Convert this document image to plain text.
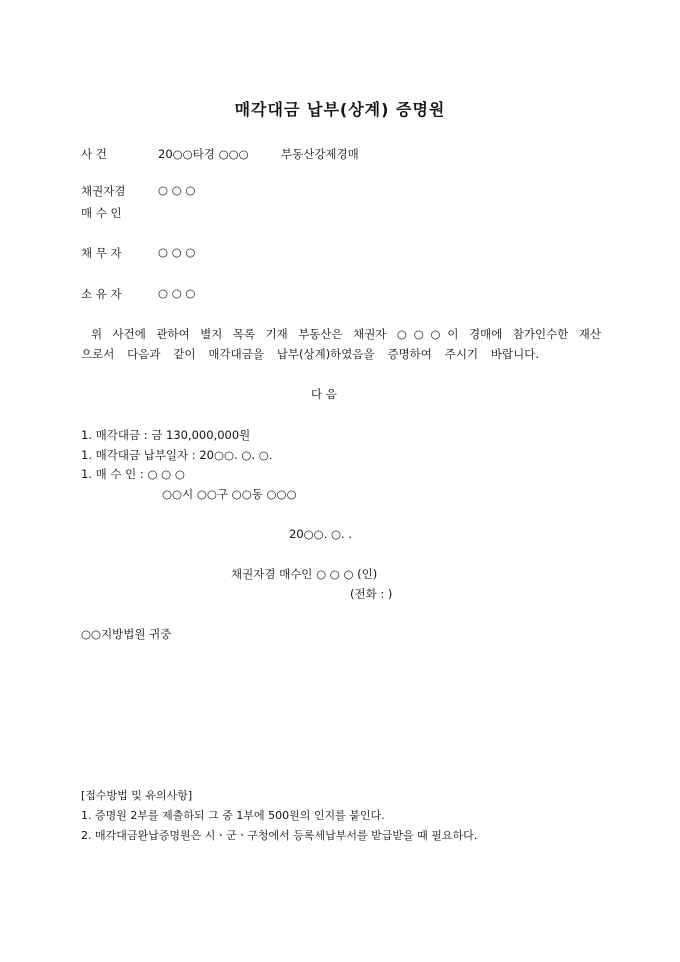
매각대금 납부(상계) 증명원
사 건	20○○타경 ○○○	부동산강제경매
채권자겸	○ ○ ○
매 수 인
채 무 자	○ ○ ○
소 유 자	○ ○ ○
위 사건에 관하여 별지 목록 기재 부동산은 채권자 ○○○이 경매에 참가인수한 재산
으로서 다음과 같이 매각대금을 납부(상계)하였음을 증명하여 주시기 바랍니다.
다 음
1. 매각대금 : 금 130,000,000원
1. 매각대금 납부일자 : 20○○. ○. ○.
1. 매 수 인 : ○ ○ ○
○○시 ○○구 ○○동 ○○○
20○○. ○. .
채권자겸 매수인 ○ ○ ○ (인)
(전화 : )
○○지방법원 귀중
[접수방법 및 유의사항]
1. 증명원 2부를 제출하되 그 중 1부에 500원의 인지를 붙인다.
2. 매각대금완납증명원은 시ㆍ군ㆍ구청에서 등록세납부서를 받급받을 때 필요하다.
